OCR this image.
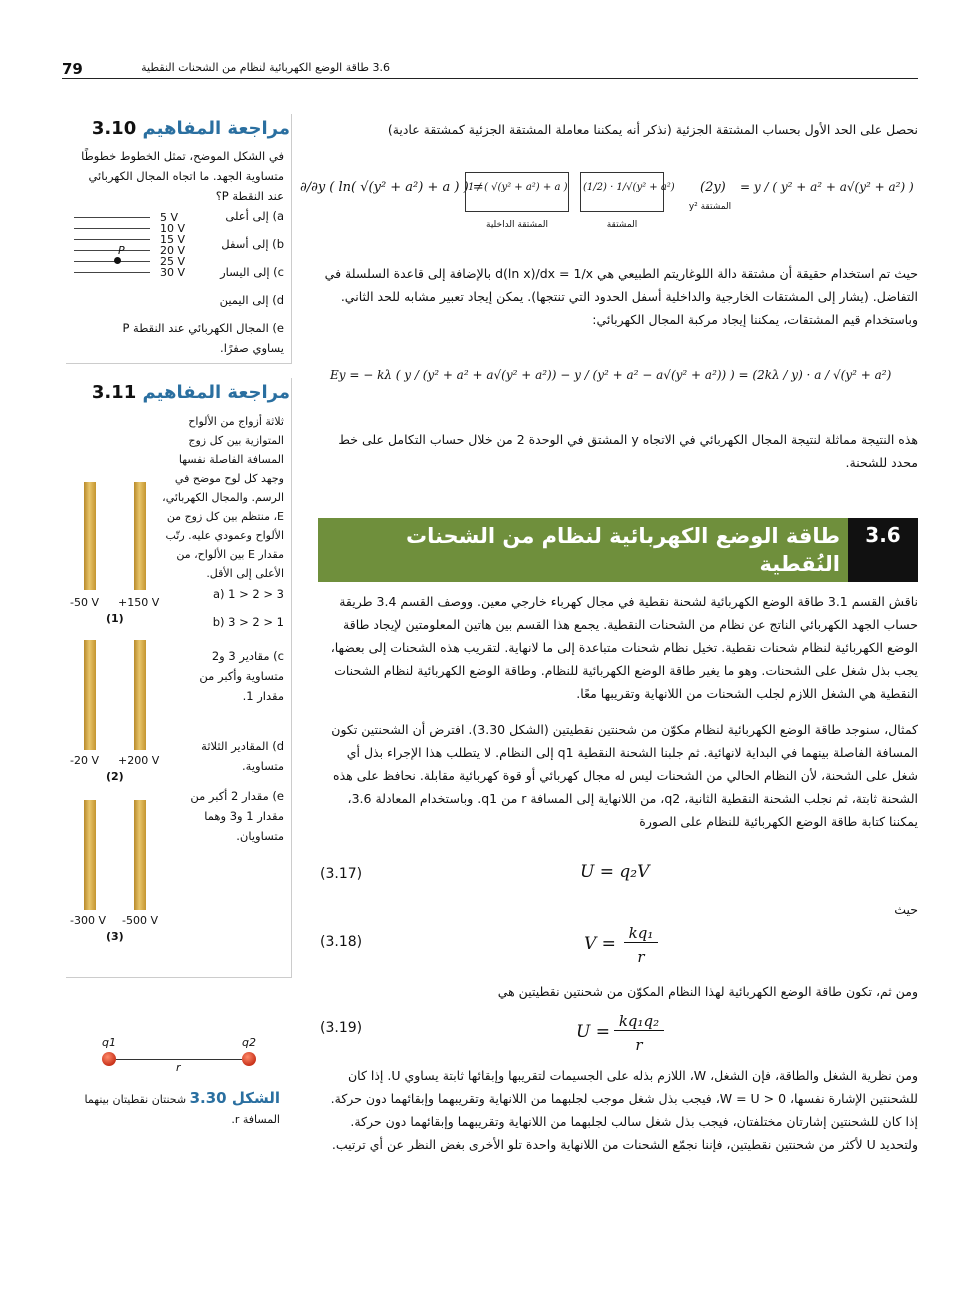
79	3.6 طاقة الوضع الكهربائية لنظام من الشحنات النقطية
نحصل على الحد الأول بحساب المشتقة الجزئية (نذكر أنه يمكننا معاملة المشتقة الجزئية كمشتقة عادية)
∂/∂y ( ln( √(y² + a²) + a ) ) =
1 / ( √(y² + a²) + a ) (1/2) · 1/√(y² + a²) (2y) = y / ( y² + a² + a√(y² + a²) )
المشتقة الداخلية	المشتقة
y² المشتقة
حيث تم استخدام حقيقة أن مشتقة دالة اللوغاريتم الطبيعي هي d(ln x)/dx = 1/x بالإضافة إلى قاعدة السلسلة في التفاضل. (يشار إلى المشتقات الخارجية والداخلية أسفل الحدود التي تنتجها). يمكن إيجاد تعبير مشابه للحد الثاني. وباستخدام قيم المشتقات، يمكننا إيجاد مركبة المجال الكهربائي:
Ey = − kλ ( y / (y² + a² + a√(y² + a²)) − y / (y² + a² − a√(y² + a²)) ) = (2kλ / y) · a / √(y² + a²)
هذه النتيجة مماثلة لنتيجة المجال الكهربائي في الاتجاه y المشتق في الوحدة 2 من خلال حساب التكامل على خط محدد للشحنة.
3.6
طاقة الوضع الكهربائية لنظام من الشحنات النُقطية
ناقش القسم 3.1 طاقة الوضع الكهربائية لشحنة نقطية في مجال كهرباء خارجي معين. ووصف القسم 3.4 طريقة حساب الجهد الكهربائي الناتج عن نظام من الشحنات النقطية. يجمع هذا القسم بين هاتين المعلومتين لإيجاد طاقة الوضع الكهربائية لنظام شحنات نقطية. تخيل نظام شحنات متباعدة إلى ما لانهاية. لتقريب هذه الشحنات إلى بعضها، يجب بذل شغل على الشحنات. وهو ما يغير طاقة الوضع الكهربائية للنظام. وطاقة الوضع الكهربائية لنظام الشحنات النقطية هي الشغل اللازم لجلب الشحنات من اللانهاية وتقريبها معًا.
كمثال، سنوجد طاقة الوضع الكهربائية لنظام مكوّن من شحنتين نقطيتين (الشكل 3.30). افترض أن الشحنتين تكون المسافة الفاصلة بينهما في البداية لانهائية. ثم جلبنا الشحنة النقطية q1 إلى النظام. لا يتطلب هذا الإجراء بذل أي شغل على الشحنة، لأن النظام الحالي من الشحنات ليس له مجال كهربائي أو قوة كهربائية مقابلة. نحافظ على هذه الشحنة ثابتة، ثم نجلب الشحنة النقطية الثانية، q2، من اللانهاية إلى المسافة r من q1. وباستخدام المعادلة 3.6، يمكننا كتابة طاقة الوضع الكهربائية للنظام على الصورة
(3.17)	U = q₂V
حيث
(3.18)	V =
kq₁
r
ومن ثم، تكون طاقة الوضع الكهربائية لهذا النظام المكوّن من شحنتين نقطيتين هي
(3.19)	U =
kq₁q₂
r
ومن نظرية الشغل والطاقة، فإن الشغل، W، اللازم بذله على الجسيمات لتقريبها وإبقائها ثابتة يساوي U. إذا كان للشحنتين الإشارة نفسها، W = U > 0، فيجب بذل شغل موجب لجلبهما من اللانهاية وتقريبهما وإبقائهما دون حركة. إذا كان للشحنتين إشارتان مختلفتان، فيجب بذل شغل سالب لجلبهما من اللانهاية وتقريبهما وإبقائهما دون حركة. ولتحديد U لأكثر من شحنتين نقطيتين، فإننا نجمّع الشحنات من اللانهاية واحدة تلو الأخرى بغض النظر عن أي ترتيب.
مراجعة المفاهيم 3.10
في الشكل الموضح، تمثل الخطوط خطوطًا متساوية الجهد. ما اتجاه المجال الكهربائي عند النقطة P؟
5 V
10 V
15 V
20 V
25 V
30 V
P
a) إلى أعلى
b) إلى أسفل
c) إلى اليسار
d) إلى اليمين
e) المجال الكهربائي عند النقطة P يساوي صفرًا.
مراجعة المفاهيم 3.11
ثلاثة أزواج من الألواح المتوازية بين كل زوج المسافة الفاصلة نفسها وجهد كل لوح موضح في الرسم. والمجال الكهربائي، E، منتظم بين كل زوج من الألواح وعمودي عليه. رتّب مقدار E بين الألواح، من الأعلى إلى الأقل.
-50 V +150 V
(1)
-20 V +200 V
(2)
-300 V -500 V
(3)
a) 1 > 2 > 3
b) 3 > 2 > 1
c) مقادير 3 و2 متساوية وأكبر من مقدار 1.
d) المقادير الثلاثة متساوية.
e) مقدار 2 أكبر من مقدار 1 و3 وهما متساويان.
q1	q2
r
الشكل 3.30 شحنتان نقطيتان بينهما المسافة r.
